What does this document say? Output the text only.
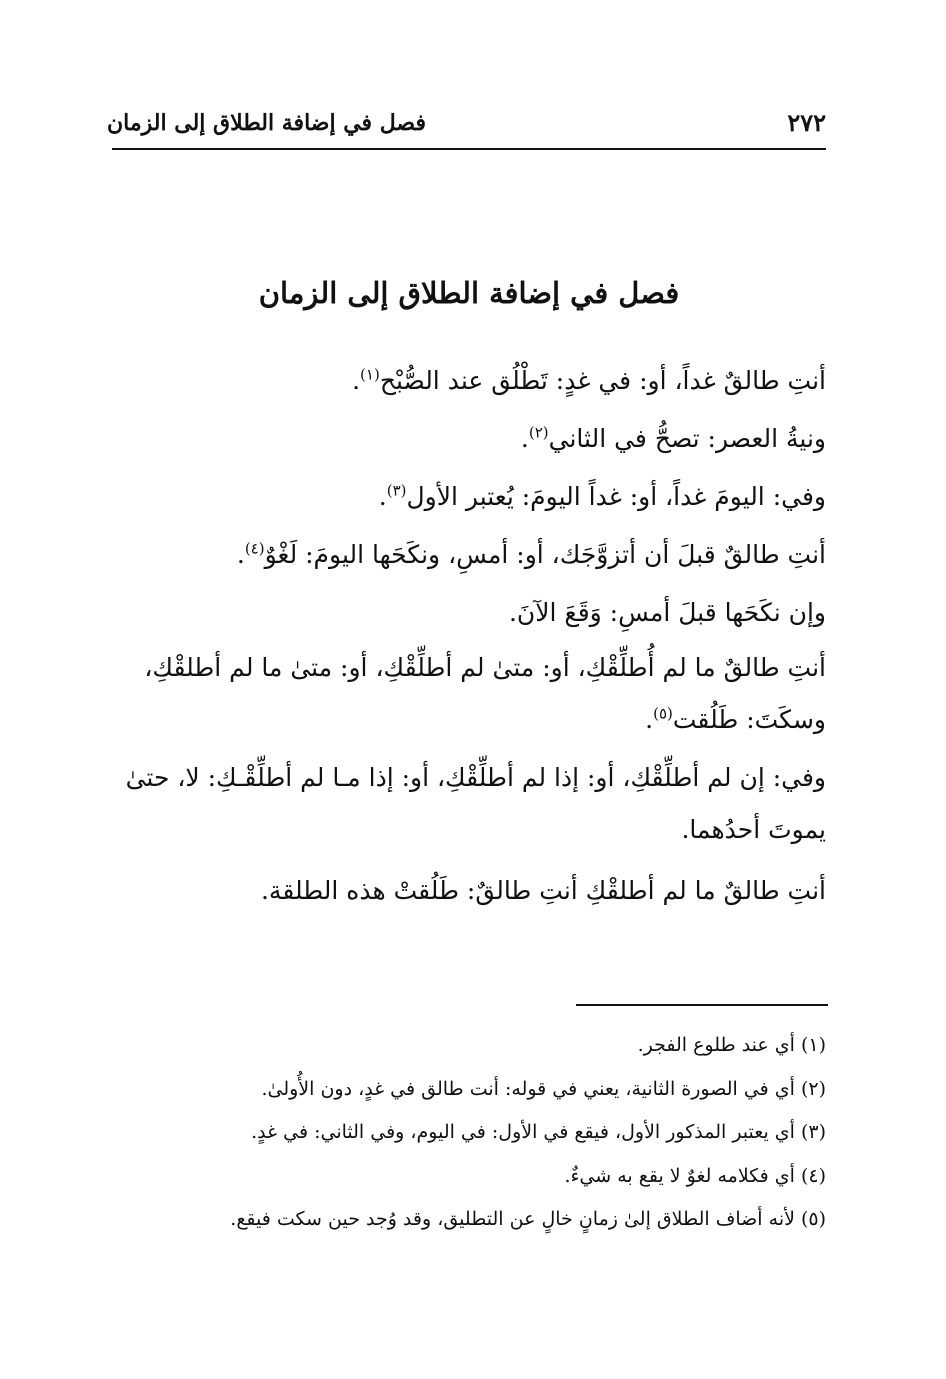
فصل في إضافة الطلاق إلى الزمان	٢٧٢
فصل في إضافة الطلاق إلى الزمان

أنتِ طالقٌ غداً، أو: في غدٍ: تَطْلُق عند الصُّبْح$^{(١)}$.

ونيةُ العصر: تصحُّ في الثاني$^{(٢)}$.

وفي: اليومَ غداً، أو: غداً اليومَ: يُعتبر الأول$^{(٣)}$.

أنتِ طالقٌ قبلَ أن أتزوَّجَك، أو: أمسِ، ونكَحَها اليومَ: لَغْوٌ$^{(٤)}$.

وإن نكَحَها قبلَ أمسِ: وَقَعَ الآنَ.

أنتِ طالقٌ ما لم أُطلِّقْكِ، أو: متىٰ لم أطلِّقْكِ، أو: متىٰ ما لم أطلقْكِ، وسكَتَ: طَلُقت$^{(٥)}$.

وفي: إن لم أطلِّقْكِ، أو: إذا لم أطلِّقْكِ، أو: إذا مـا لم أطلِّقْـكِ: لا، حتىٰ يموتَ أحدُهما.

أنتِ طالقٌ ما لم أطلقْكِ أنتِ طالقٌ: طَلُقتْ هذه الطلقة.

(١)أي عند طلوع الفجر.

(٢)أي في الصورة الثانية، يعني في قوله: أنت طالق في غدٍ، دون الأُولىٰ.

(٣)أي يعتبر المذكور الأول، فيقع في الأول: في اليوم، وفي الثاني: في غدٍ.

(٤)أي فكلامه لغوٌ لا يقع به شيءٌ.

(٥)لأنه أضاف الطلاق إلىٰ زمانٍ خالٍ عن التطليق، وقد وُجد حين سكت فيقع.
